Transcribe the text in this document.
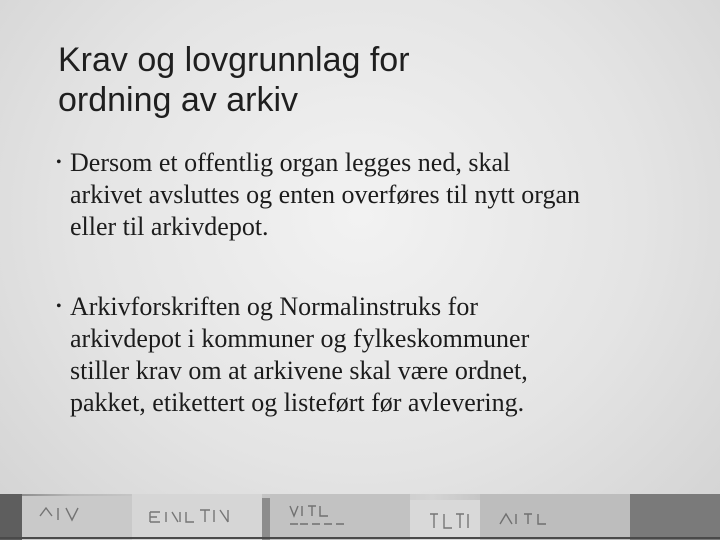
Krav og lovgrunnlag for
ordning av arkiv
• Dersom et offentlig organ legges ned, skal
arkivet avsluttes og enten overføres til nytt organ
eller til arkivdepot.
• Arkivforskriften og Normalinstruks for
arkivdepot i kommuner og fylkeskommuner
stiller krav om at arkivene skal være ordnet,
pakket, etikettert og listeført før avlevering.
